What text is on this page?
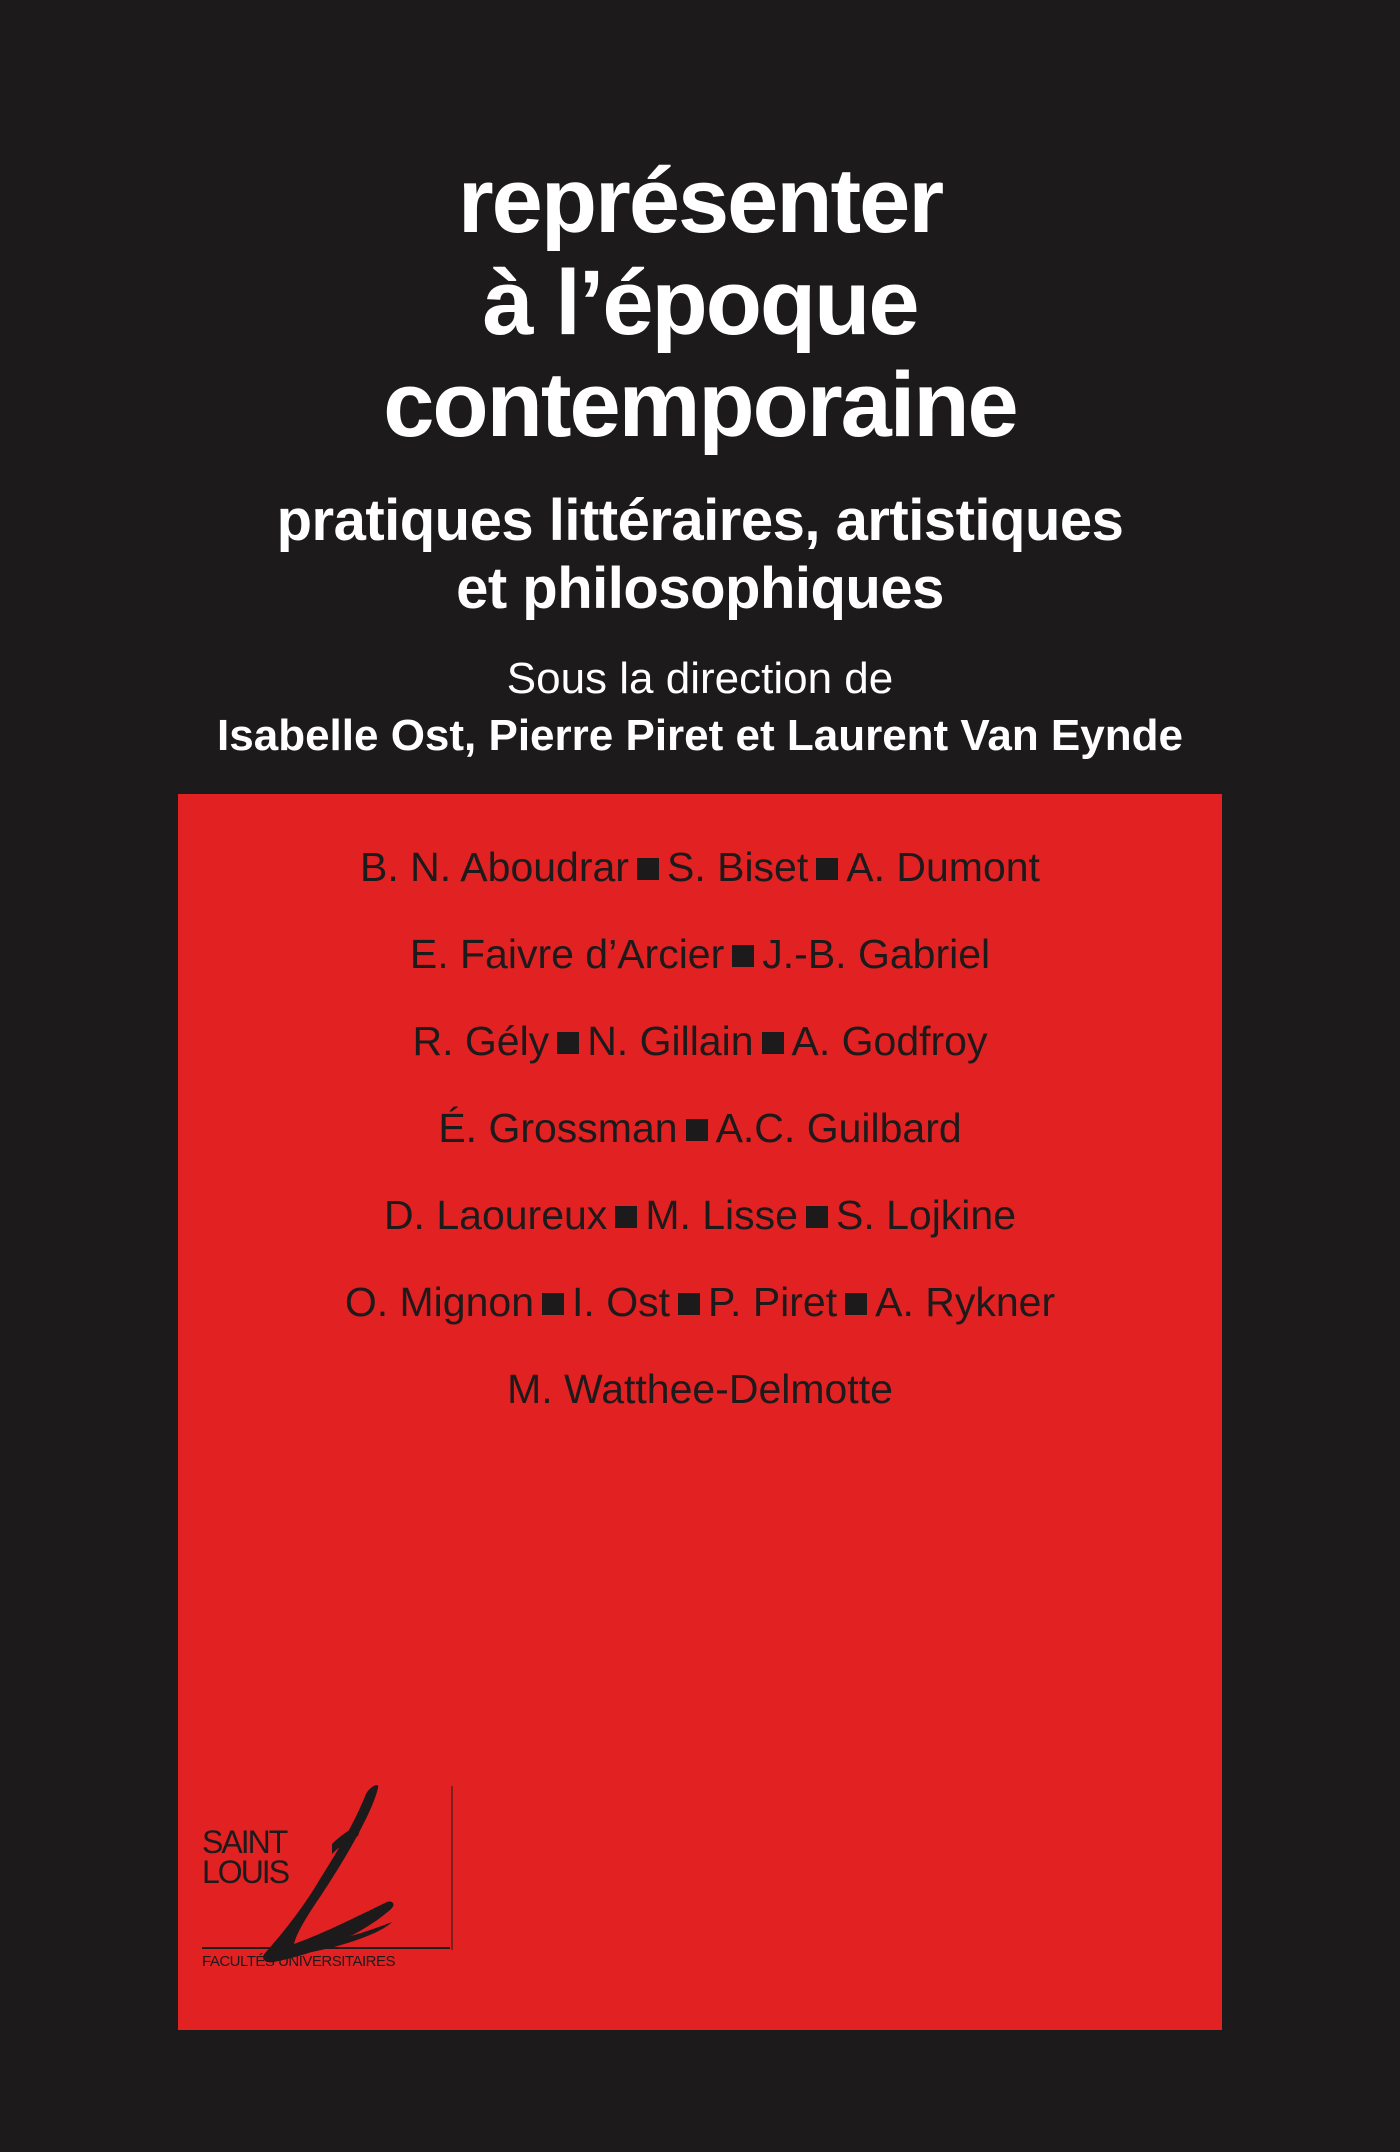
représenter
à l’époque
contemporaine
pratiques littéraires, artistiques
et philosophiques
Sous la direction de
Isabelle Ost, Pierre Piret et Laurent Van Eynde
B. N. Aboudrar S. Biset A. Dumont
E. Faivre d’Arcier J.-B. Gabriel
R. Gély N. Gillain A. Godfroy
É. Grossman A.C. Guilbard
D. Laoureux M. Lisse S. Lojkine
O. Mignon I. Ost P. Piret A. Rykner
M. Watthee-Delmotte
SAINT
LOUIS
FACULTÉS UNIVERSITAIRES
